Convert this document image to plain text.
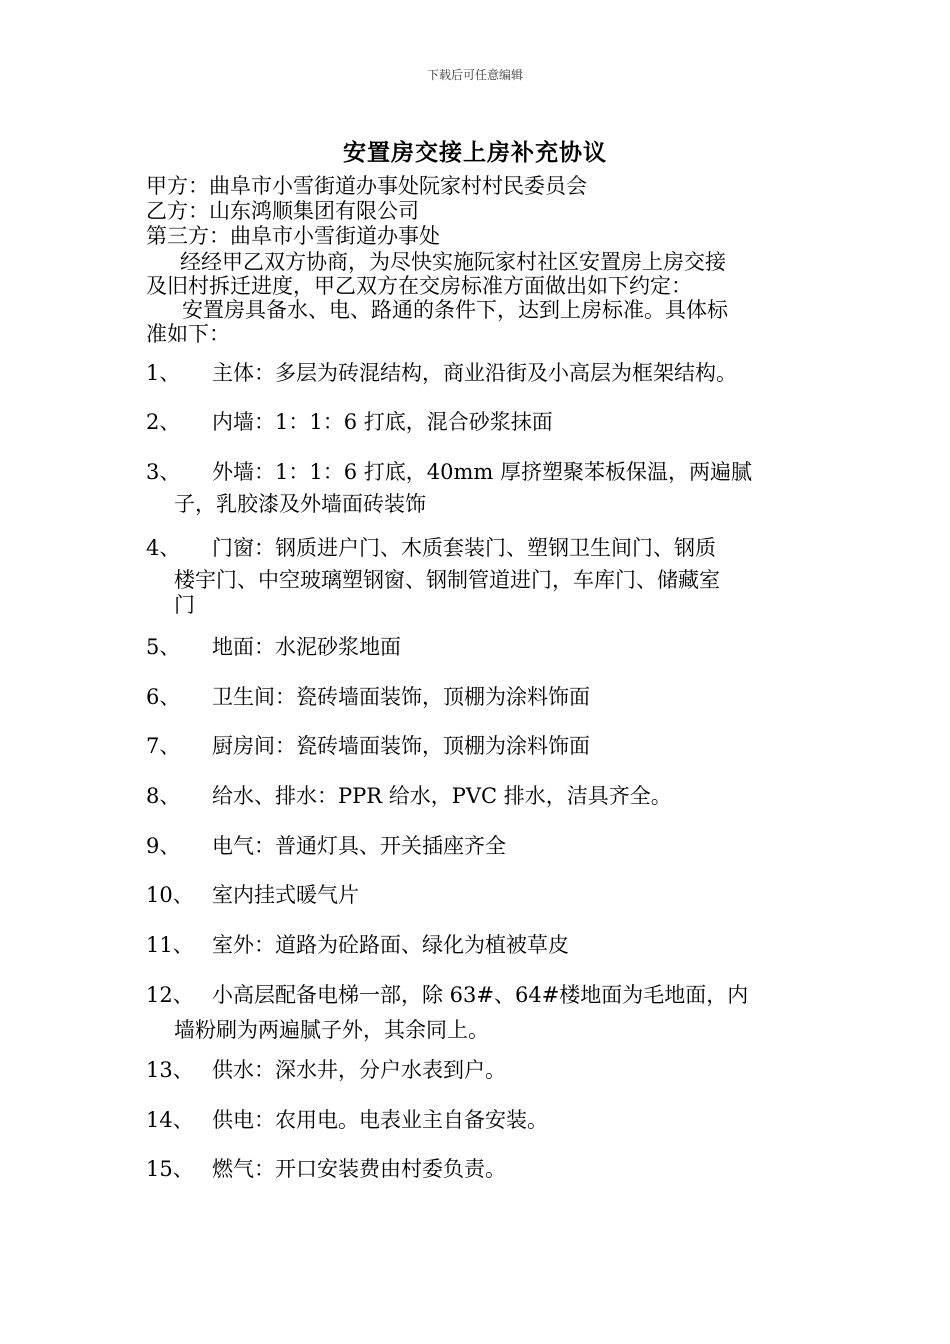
下载后可任意编辑
安置房交接上房补充协议
甲方：曲阜市小雪街道办事处阮家村村民委员会
乙方：山东鸿顺集团有限公司
第三方：曲阜市小雪街道办事处
经经甲乙双方协商，为尽快实施阮家村社区安置房上房交接
及旧村拆迁进度，甲乙双方在交房标准方面做出如下约定：
安置房具备水、电、路通的条件下，达到上房标准。具体标
准如下：
1、 主体：多层为砖混结构，商业沿街及小高层为框架结构。
2、 内墙：1：1：6 打底，混合砂浆抹面
3、 外墙：1：1：6 打底，40mm 厚挤塑聚苯板保温，两遍腻
子，乳胶漆及外墙面砖装饰
4、 门窗：钢质进户门、木质套装门、塑钢卫生间门、钢质
楼宇门、中空玻璃塑钢窗、钢制管道进门，车库门、储藏室
门
5、 地面：水泥砂浆地面
6、 卫生间：瓷砖墙面装饰，顶棚为涂料饰面
7、 厨房间：瓷砖墙面装饰，顶棚为涂料饰面
8、 给水、排水：PPR 给水，PVC 排水，洁具齐全。
9、 电气：普通灯具、开关插座齐全
10、 室内挂式暖气片
11、 室外：道路为砼路面、绿化为植被草皮
12、 小高层配备电梯一部，除 63#、64#楼地面为毛地面，内
墙粉刷为两遍腻子外，其余同上。
13、 供水：深水井，分户水表到户。
14、 供电：农用电。电表业主自备安装。
15、 燃气：开口安装费由村委负责。
